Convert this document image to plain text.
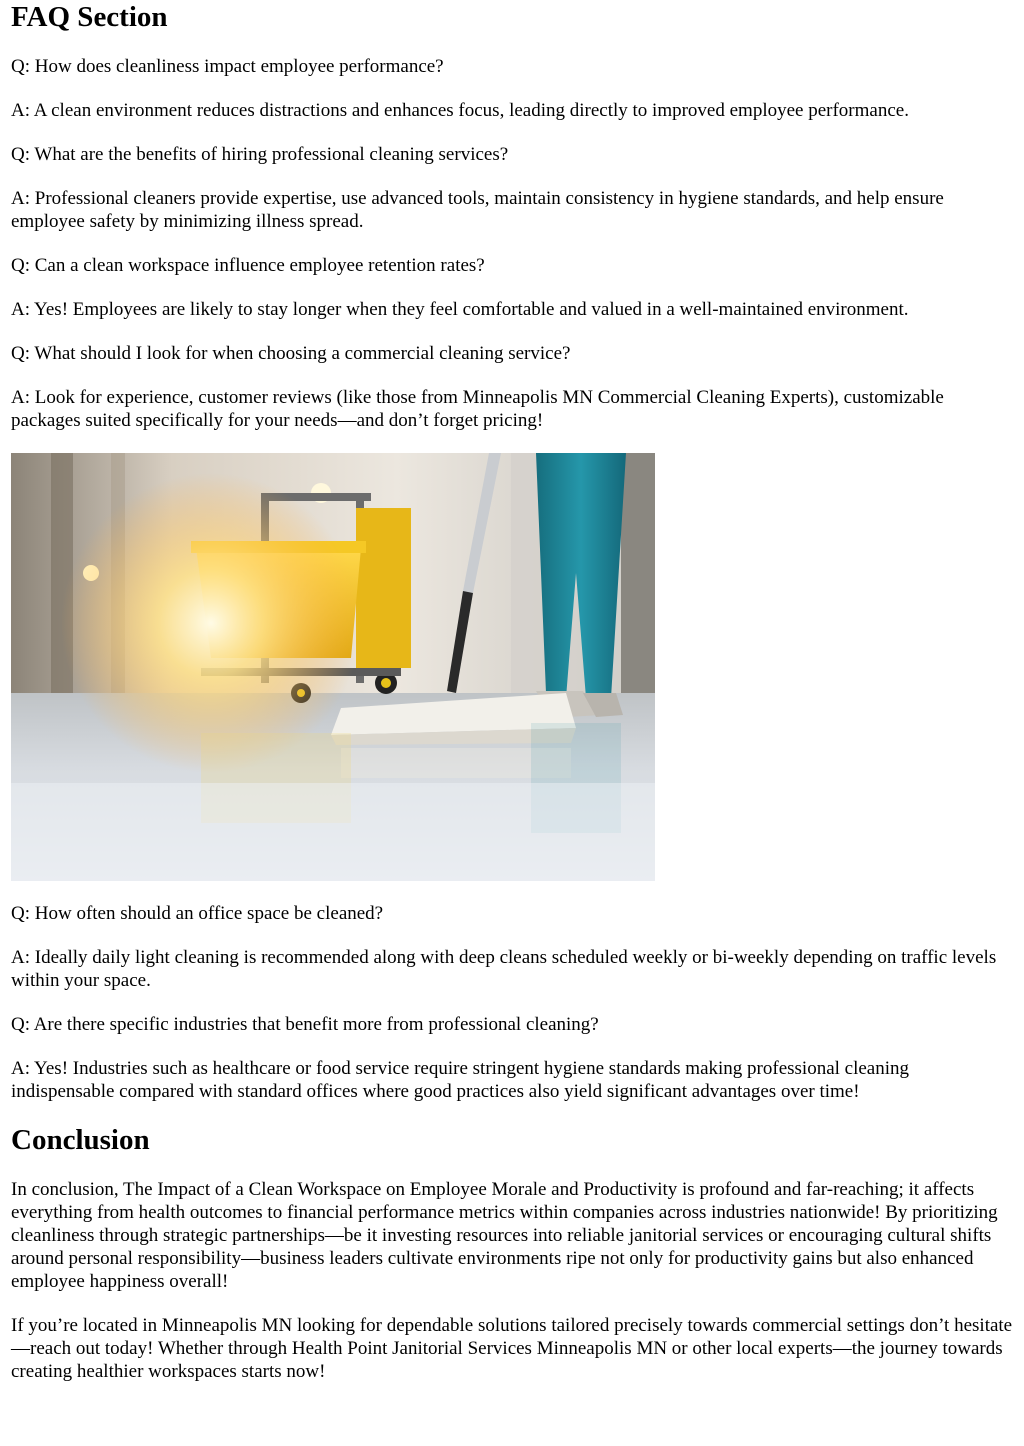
FAQ Section

Q: How does cleanliness impact employee performance?

A: A clean environment reduces distractions and enhances focus, leading directly to improved employee performance.

Q: What are the benefits of hiring professional cleaning services?

A: Professional cleaners provide expertise, use advanced tools, maintain consistency in hygiene standards, and help ensure employee safety by minimizing illness spread.

Q: Can a clean workspace influence employee retention rates?

A: Yes! Employees are likely to stay longer when they feel comfortable and valued in a well-maintained environment.

Q: What should I look for when choosing a commercial cleaning service?

A: Look for experience, customer reviews (like those from Minneapolis MN Commercial Cleaning Experts), customizable packages suited specifically for your needs—and don’t forget pricing!

Q: How often should an office space be cleaned?

A: Ideally daily light cleaning is recommended along with deep cleans scheduled weekly or bi-weekly depending on traffic levels within your space.

Q: Are there specific industries that benefit more from professional cleaning?

A: Yes! Industries such as healthcare or food service require stringent hygiene standards making professional cleaning indispensable compared with standard offices where good practices also yield significant advantages over time!

Conclusion

In conclusion, The Impact of a Clean Workspace on Employee Morale and Productivity is profound and far-reaching; it affects everything from health outcomes to financial performance metrics within companies across industries nationwide! By prioritizing cleanliness through strategic partnerships—be it investing resources into reliable janitorial services or encouraging cultural shifts around personal responsibility—business leaders cultivate environments ripe not only for productivity gains but also enhanced employee happiness overall!

If you’re located in Minneapolis MN looking for dependable solutions tailored precisely towards commercial settings don’t hesitate—reach out today! Whether through Health Point Janitorial Services Minneapolis MN or other local experts—the journey towards creating healthier workspaces starts now!
